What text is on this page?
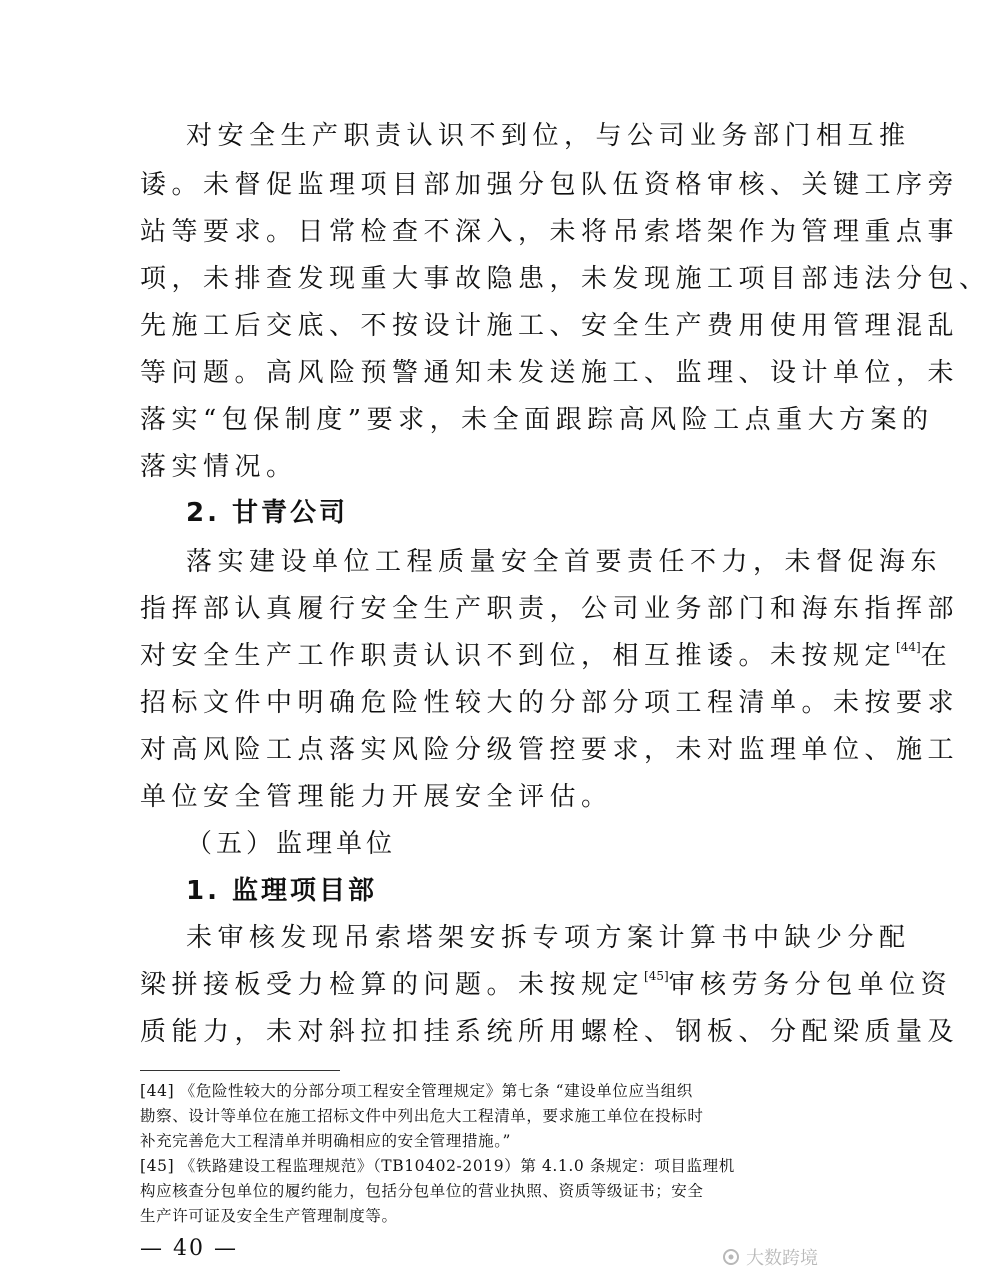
对安全生产职责认识不到位，与公司业务部门相互推
诿。未督促监理项目部加强分包队伍资格审核、关键工序旁
站等要求。日常检查不深入，未将吊索塔架作为管理重点事
项，未排查发现重大事故隐患，未发现施工项目部违法分包、
先施工后交底、不按设计施工、安全生产费用使用管理混乱
等问题。高风险预警通知未发送施工、监理、设计单位，未
落实“包保制度”要求，未全面跟踪高风险工点重大方案的
落实情况。
2. 甘青公司
落实建设单位工程质量安全首要责任不力，未督促海东
指挥部认真履行安全生产职责，公司业务部门和海东指挥部
对安全生产工作职责认识不到位，相互推诿。未按规定[44]在
招标文件中明确危险性较大的分部分项工程清单。未按要求
对高风险工点落实风险分级管控要求，未对监理单位、施工
单位安全管理能力开展安全评估。
（五）监理单位
1. 监理项目部
未审核发现吊索塔架安拆专项方案计算书中缺少分配
梁拼接板受力检算的问题。未按规定[45]审核劳务分包单位资
质能力，未对斜拉扣挂系统所用螺栓、钢板、分配梁质量及
[44] 《危险性较大的分部分项工程安全管理规定》第七条 “建设单位应当组织
勘察、设计等单位在施工招标文件中列出危大工程清单，要求施工单位在投标时
补充完善危大工程清单并明确相应的安全管理措施。”
[45] 《铁路建设工程监理规范》（TB10402-2019）第 4.1.0 条规定：项目监理机
构应核查分包单位的履约能力，包括分包单位的营业执照、资质等级证书；安全
生产许可证及安全生产管理制度等。
— 40 —	大数跨境
